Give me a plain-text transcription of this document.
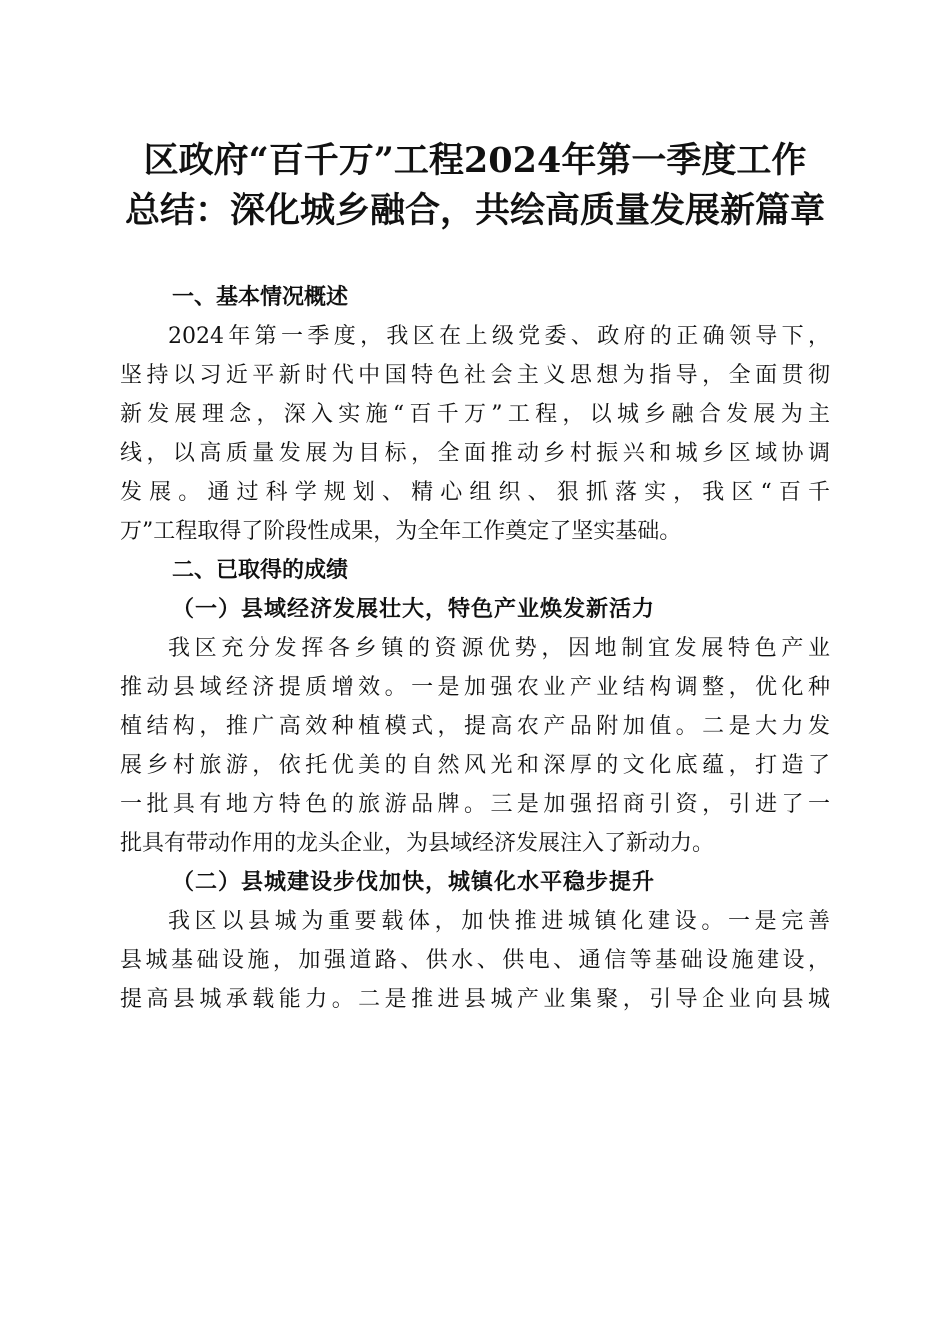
区政府“百千万”工程2024年第一季度工作
总结：深化城乡融合，共绘高质量发展新篇章
一、基本情况概述
2024年第一季度，我区在上级党委、政府的正确领导下，
坚持以习近平新时代中国特色社会主义思想为指导，全面贯彻
新发展理念，深入实施“百千万”工程，以城乡融合发展为主
线，以高质量发展为目标，全面推动乡村振兴和城乡区域协调
发展。通过科学规划、精心组织、狠抓落实，我区“百千
万”工程取得了阶段性成果，为全年工作奠定了坚实基础。
二、已取得的成绩
（一）县域经济发展壮大，特色产业焕发新活力
我区充分发挥各乡镇的资源优势，因地制宜发展特色产业
推动县域经济提质增效。一是加强农业产业结构调整，优化种
植结构，推广高效种植模式，提高农产品附加值。二是大力发
展乡村旅游，依托优美的自然风光和深厚的文化底蕴，打造了
一批具有地方特色的旅游品牌。三是加强招商引资，引进了一
批具有带动作用的龙头企业，为县域经济发展注入了新动力。
（二）县城建设步伐加快，城镇化水平稳步提升
我区以县城为重要载体，加快推进城镇化建设。一是完善
县城基础设施，加强道路、供水、供电、通信等基础设施建设，
提高县城承载能力。二是推进县城产业集聚，引导企业向县城
